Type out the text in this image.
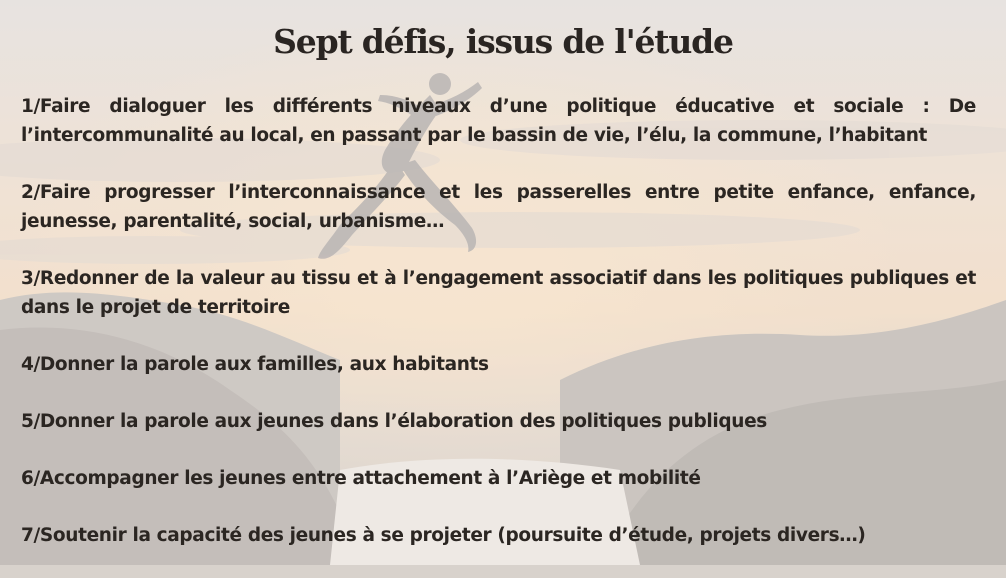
Sept défis, issus de l'étude
1/Faire dialoguer les différents niveaux d’une politique éducative et sociale : De l’intercommunalité au local, en passant par le bassin de vie, l’élu, la commune, l’habitant
2/Faire progresser l’interconnaissance et les passerelles entre petite enfance, enfance, jeunesse, parentalité, social, urbanisme…
3/Redonner de la valeur au tissu et à l’engagement associatif dans les politiques publiques et dans le projet de territoire
4/Donner la parole aux familles, aux habitants
5/Donner la parole aux jeunes dans l’élaboration des politiques publiques
6/Accompagner les jeunes entre attachement à l’Ariège et mobilité
7/Soutenir la capacité des jeunes à se projeter (poursuite d’étude, projets divers…)
